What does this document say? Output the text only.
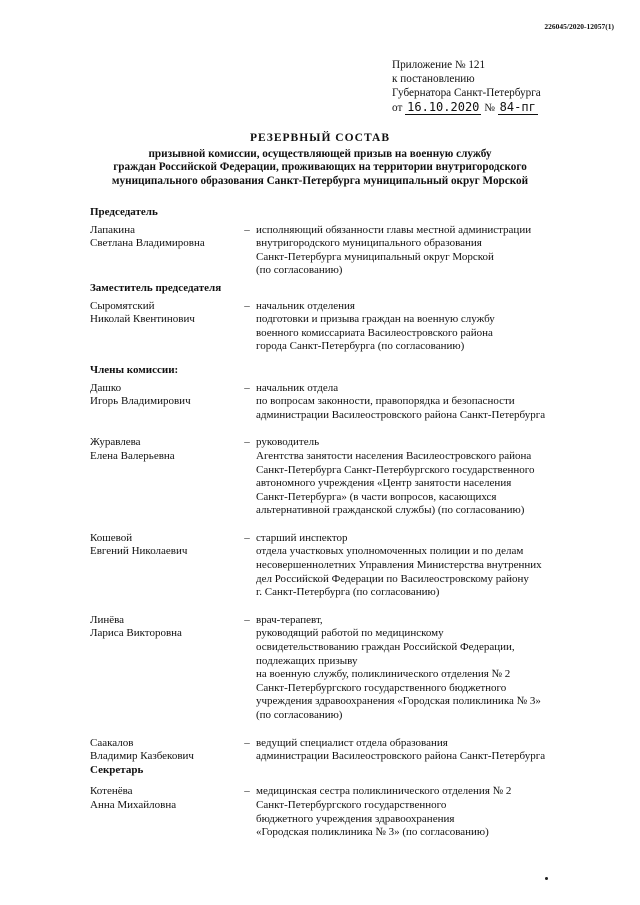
226045/2020-12057(1)
Приложение № 121
к постановлению
Губернатора Санкт-Петербурга
от 16.10.2020 № 84-пг
РЕЗЕРВНЫЙ СОСТАВ
призывной комиссии, осуществляющей призыв на военную службу
граждан Российской Федерации, проживающих на территории внутригородского
муниципального образования Санкт-Петербурга муниципальный округ Морской
Председатель
Лапакина
Светлана Владимировна
– исполняющий обязанности главы местной администрации
внутригородского муниципального образования
Санкт-Петербурга муниципальный округ Морской
(по согласованию)
Заместитель председателя
Сыромятский
Николай Квентинович
– начальник отделения
подготовки и призыва граждан на военную службу
военного комиссариата Василеостровского района
города Санкт-Петербурга (по согласованию)
Члены комиссии:
Дашко
Игорь Владимирович
– начальник отдела
по вопросам законности, правопорядка и безопасности
администрации Василеостровского района Санкт-Петербурга
Журавлева
Елена Валерьевна
– руководитель
Агентства занятости населения Василеостровского района
Санкт-Петербурга Санкт-Петербургского государственного
автономного учреждения «Центр занятости населения
Санкт-Петербурга» (в части вопросов, касающихся
альтернативной гражданской службы) (по согласованию)
Кошевой
Евгений Николаевич
– старший инспектор
отдела участковых уполномоченных полиции и по делам
несовершеннолетних Управления Министерства внутренних
дел Российской Федерации по Василеостровскому району
г. Санкт-Петербурга (по согласованию)
Линёва
Лариса Викторовна
– врач-терапевт,
руководящий работой по медицинскому
освидетельствованию граждан Российской Федерации,
подлежащих призыву
на военную службу, поликлинического отделения № 2
Санкт-Петербургского государственного бюджетного
учреждения здравоохранения «Городская поликлиника № 3»
(по согласованию)
Саакалов
Владимир Казбекович
Секретарь
– ведущий специалист отдела образования
администрации Василеостровского района Санкт-Петербурга
Котенёва
Анна Михайловна
– медицинская сестра поликлинического отделения № 2
Санкт-Петербургского государственного
бюджетного учреждения здравоохранения
«Городская поликлиника № 3» (по согласованию)
